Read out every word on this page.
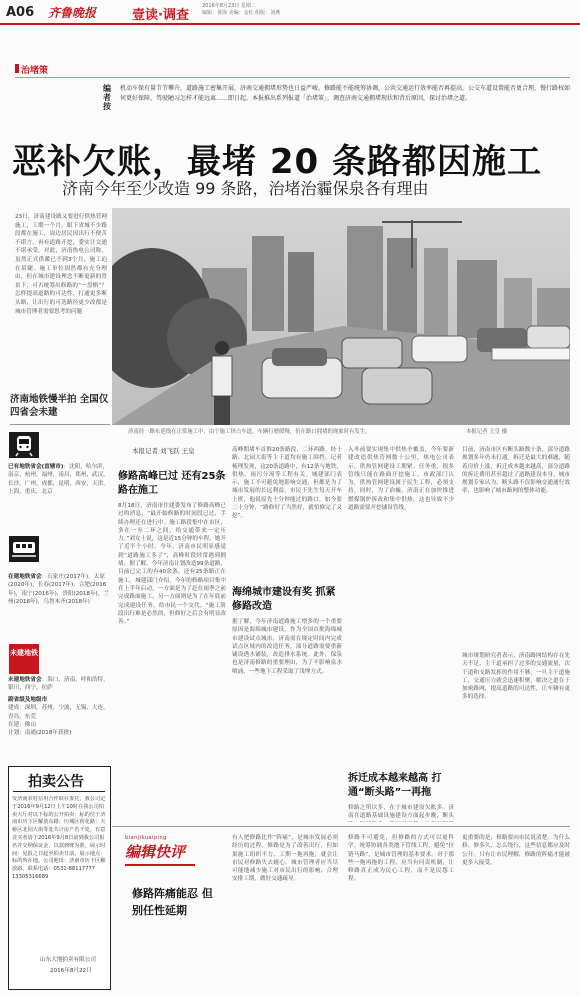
A06 齐鲁晚报	壹读·调查
2016年8月23日 星期二
编辑：黄海 美编：金红 组版：刘燕
治堵策
编者按
机动车保有量节节攀升，道路施工密集开展，济南交通拥堵形势也日益严峻。修路能不能统筹协调，公共交通运行效率能否再提高，公交车道设置能否更合理，慢行路权如何更好保障，驾驶陋习怎样才能远离……即日起，本报推出系列报道「治堵策」，调查济南交通拥堵现状和背后原因，探讨治堵之道。
恶补欠账，最堵 20 条路都因施工
济南今年至少改造 99 条路，治堵治霾保泉各有理由
23日，济南建设路又要进行供热管网施工，工期一个月。眼下省城不少路段都在施工，周边居民因出行不便苦不堪言，再有道路开挖，委实让交通不堪承受，对此，济南热电公司称，虽然正式供暖已不到3个月，施工迫在眉睫。施工单位固然都有充分理由，但在城市建设理念不断更新的背景下，可否统筹出修路的“一盘棋”？怎样提高道路的可达性，打通更多断头路，让出行的可选路径更少改都是城市管理者需要思考的问题
济南地铁慢半拍 全国仅四省会未建
已有地铁省会(直辖市)：沈阳，哈尔滨，南京，杭州，福州，南昌，郑州，武汉，长沙，广州，成都，昆明，西安，天津，上海，重庆，北京
在建地铁省会：石家庄(2017年)，太原(2020年)，长春(2017年)，合肥(2016年)，南宁(2016年)，贵阳(2018年)，兰州(2018年)，乌鲁木齐(2018年)
未建地铁
未建地铁省会：海口，济南，呼和浩特，银川，西宁，拉萨
副省级及地级市
建成：深圳，苏州，宁波，无锡，大连，青岛，东莞
在建：佛山
计划：南通(2018年获批)
拍卖公告
受济南农村信用合作联社委托，我公司定于2016年9月12日上午10时在我公司拍卖大厅对以下标的公开拍卖：标的位于济南市历下区解放东路；历城区荷花路；天桥区北园大街等处共计房产若干处。有意竞买者请于2016年9月8日前到我公司报名并交纳保证金，以款到账为准。展示时间：见报之日起至拍卖日前。展示地点：标的所在地。公司地址：济南市历下区解放路。联系电话：0531-88117777 13305316689
山东大地拍卖有限公司
2016年8月22日
济南经一路东延线在正常施工中，由于施工挤占车道，车辆行驶缓慢，仍在路口拥堵的现象时有发生。	本报记者 王皇 摄
本报记者 刘飞跃 王皇
修路高峰已过 还有25条路在施工
8月18日，济南市住建委发布了修路高峰已过的消息，“最开始修路的时间段已过，手续办理还在进行中。施工路段集中在市区，多在一至二环之间，给交通带来一定压力。”刘女士说，这是近15分钟的车程，她开了近半个小时。今年，济南市民明显感觉到“道路施工多了”，高峰时段经常遇到拥堵。据了解，今年济南计划改造99条道路，目前已完工的有40余条，还有25条路正在施工。城建部门介绍，今年的修路项目集中在上半年启动，一方面是为了赶在雨季之前完成路面施工，另一方面则是为了在年底前完成建设任务，给市民一个交代。“施工阶段出行难是必然的，但修好之后会有明显改善。”
高峰期堵车首推20条路段，二环西路、经十路、北园大街等主干道均有施工围挡。记者梳理发现，这20条道路中，有12条与地铁、供热、雨污分流等工程有关。城建部门表示，施工不可避免地影响交通，但都是为了城市发展的长远利益。市民王先生每天开车上班，他说原先十分钟能过的路口，如今要二十分钟，“路修好了当然好，就怕修完了又挖”。
海绵城市建设有奖 抓紧修路改造
据了解，今年济南道路施工增多的一个重要原因是海绵城市建设。作为全国首批海绵城市建设试点城市，济南需在规定时间内完成试点区域内的改造任务，部分道路需要重新铺设透水铺装，改造排水系统。此外，保泉也是济南修路的重要理由，为了不影响泉水喷涌，一些地下工程采取了浅埋方式。
入冬前要实现集中供热全覆盖，今年要新建改造供热管网数十公里，热电公司表示，供热管网建设工期紧、任务重，很多管线只能在路面开挖施工。市政部门认为，供热管网建设属于民生工程，必须支持。同时，为了治霾，济南正在加快推进燃煤锅炉拆改和集中供热，这也导致不少道路需要开挖铺设管线。
拆迁成本越来越高 打通“断头路”一再拖
修路之所以多，在于城市建设欠账多。济南在道路基础设施建设方面起步晚，断头
目前，济南市区有断头路数十条，部分道路规划多年仍未打通。拆迁是最大的难题，随着房价上涨，拆迁成本越来越高，部分道路的拆迁费用甚至超过了道路建设本身。城市规划专家认为，断头路不仅影响交通通行效率，也影响了城市路网的整体功能。
城市规划研究者表示，济南路网结构存在先天不足，主干道承担了过多的交通流量，次干道和支路发挥的作用不够，一旦主干道施工，交通压力就会迅速积聚。解决之道在于加密路网，提高道路的可达性，让车辆有更多的选择。
bianjikuaiping
编辑快评
修路阵痛能忍 但别任性延期
有人把修路比作“阵痛”，是城市发展必须经历的过程。修路是为了改善出行，但如果施工组织不力、工期一拖再拖，就会让市民对修路失去耐心。城市管理者应当尽可能地减少施工对市民出行的影响，合理安排工期，做好交通疏导。
修路不可避免，但修路的方式可以更科学。统筹协调各类地下管线工程，避免“拉链马路”，是城市管理的基本要求。对于那些一拖再拖的工程，应当有问责机制，让修路真正成为民心工程，而不是民怨工程。
更重要的是，修路要向市民说清楚。为什么修、修多久、怎么绕行，这些信息都应及时公开。只有让市民理解，修路的阵痛才能被更多人接受。
